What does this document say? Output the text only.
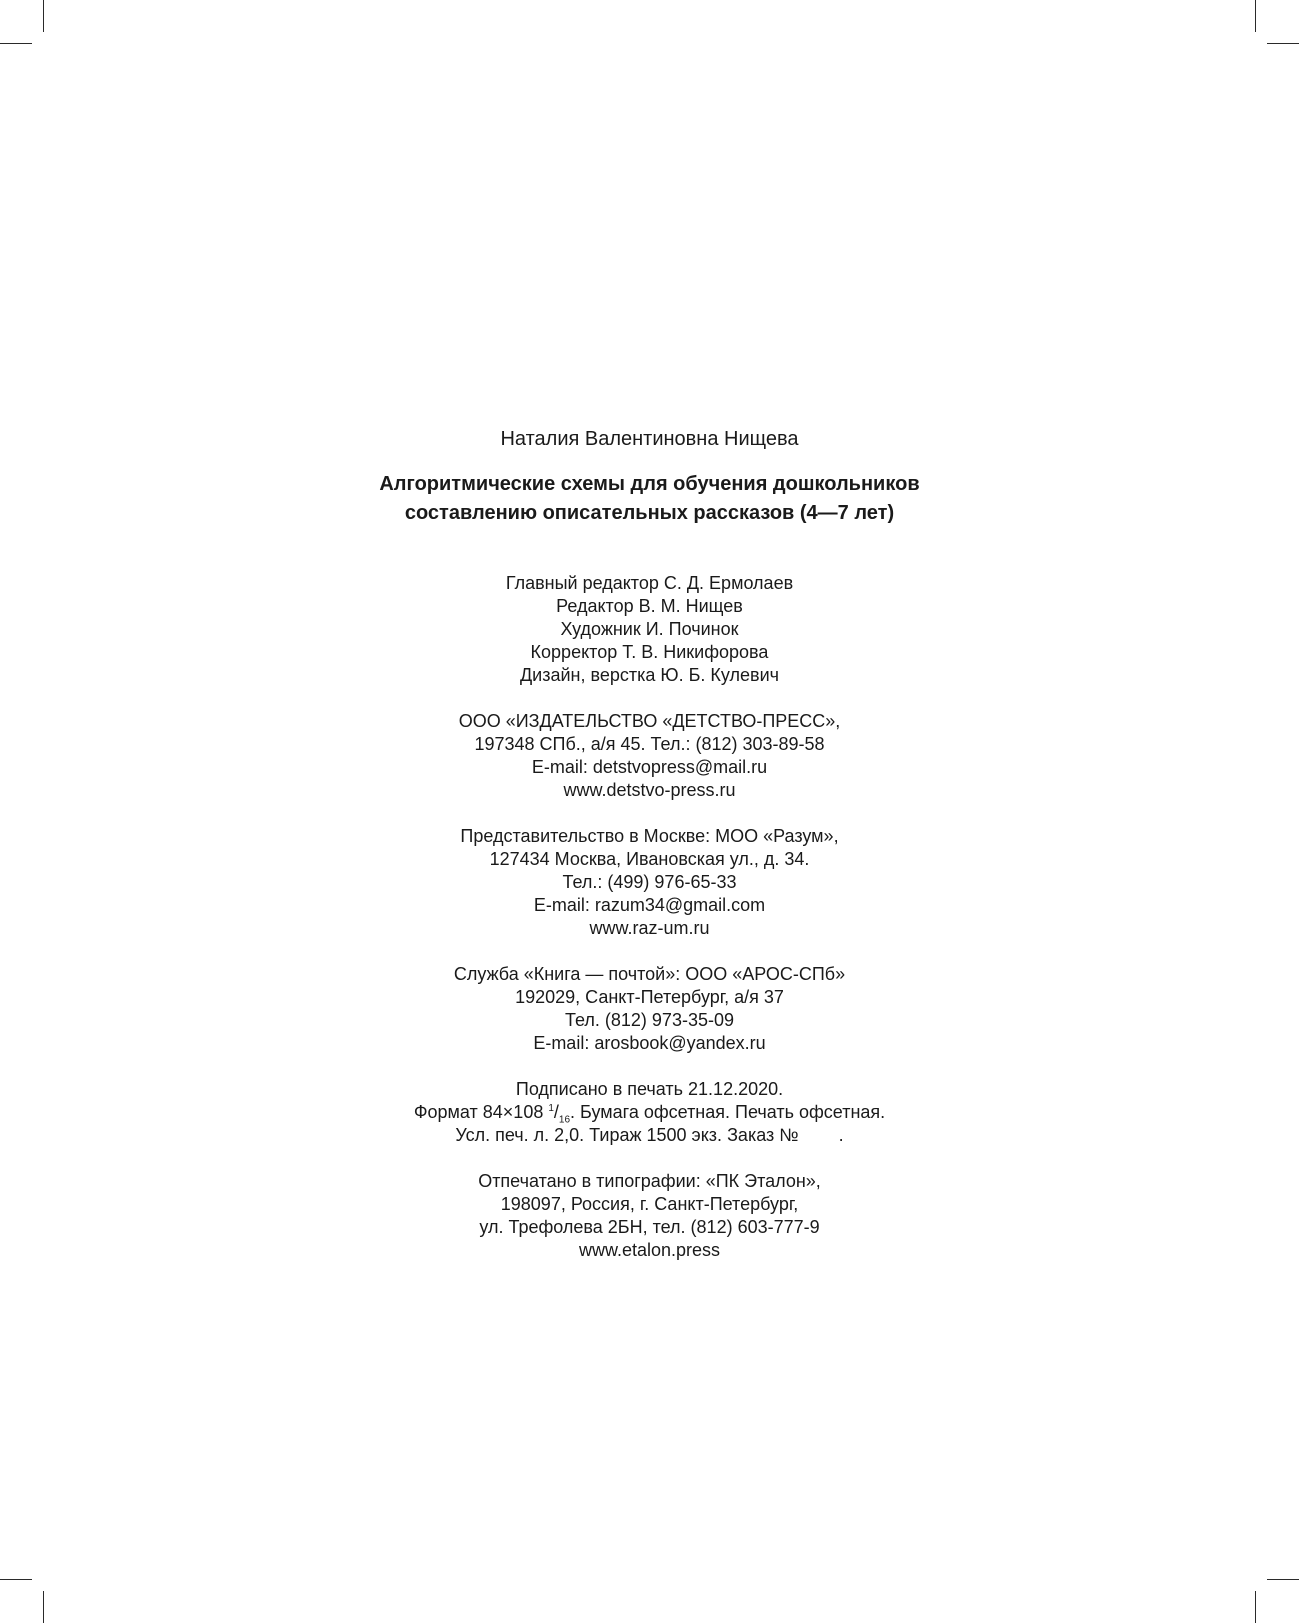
Наталия Валентиновна Нищева
Алгоритмические схемы для обучения дошкольников
составлению описательных рассказов (4—7 лет)
Главный редактор С. Д. Ермолаев
Редактор В. М. Нищев
Художник И. Починок
Корректор Т. В. Никифорова
Дизайн, верстка Ю. Б. Кулевич
ООО «ИЗДАТЕЛЬСТВО «ДЕТСТВО-ПРЕСС»,
197348 СПб., а/я 45. Тел.: (812) 303-89-58
E-mail: detstvopress@mail.ru
www.detstvo-press.ru
Представительство в Москве: МОО «Разум»,
127434 Москва, Ивановская ул., д. 34.
Тел.: (499) 976-65-33
E-mail: razum34@gmail.com
www.raz-um.ru
Служба «Книга — почтой»: ООО «АРОС-СПб»
192029, Санкт-Петербург, а/я 37
Тел. (812) 973-35-09
E-mail: arosbook@yandex.ru
Подписано в печать 21.12.2020.
Формат 84×108 $^1/_{16}$. Бумага офсетная. Печать офсетная.
Усл. печ. л. 2,0. Тираж 1500 экз. Заказ №        .
Отпечатано в типографии: «ПК Эталон»,
198097, Россия, г. Санкт-Петербург,
ул. Трефолева 2БН, тел. (812) 603-777-9
www.etalon.press
